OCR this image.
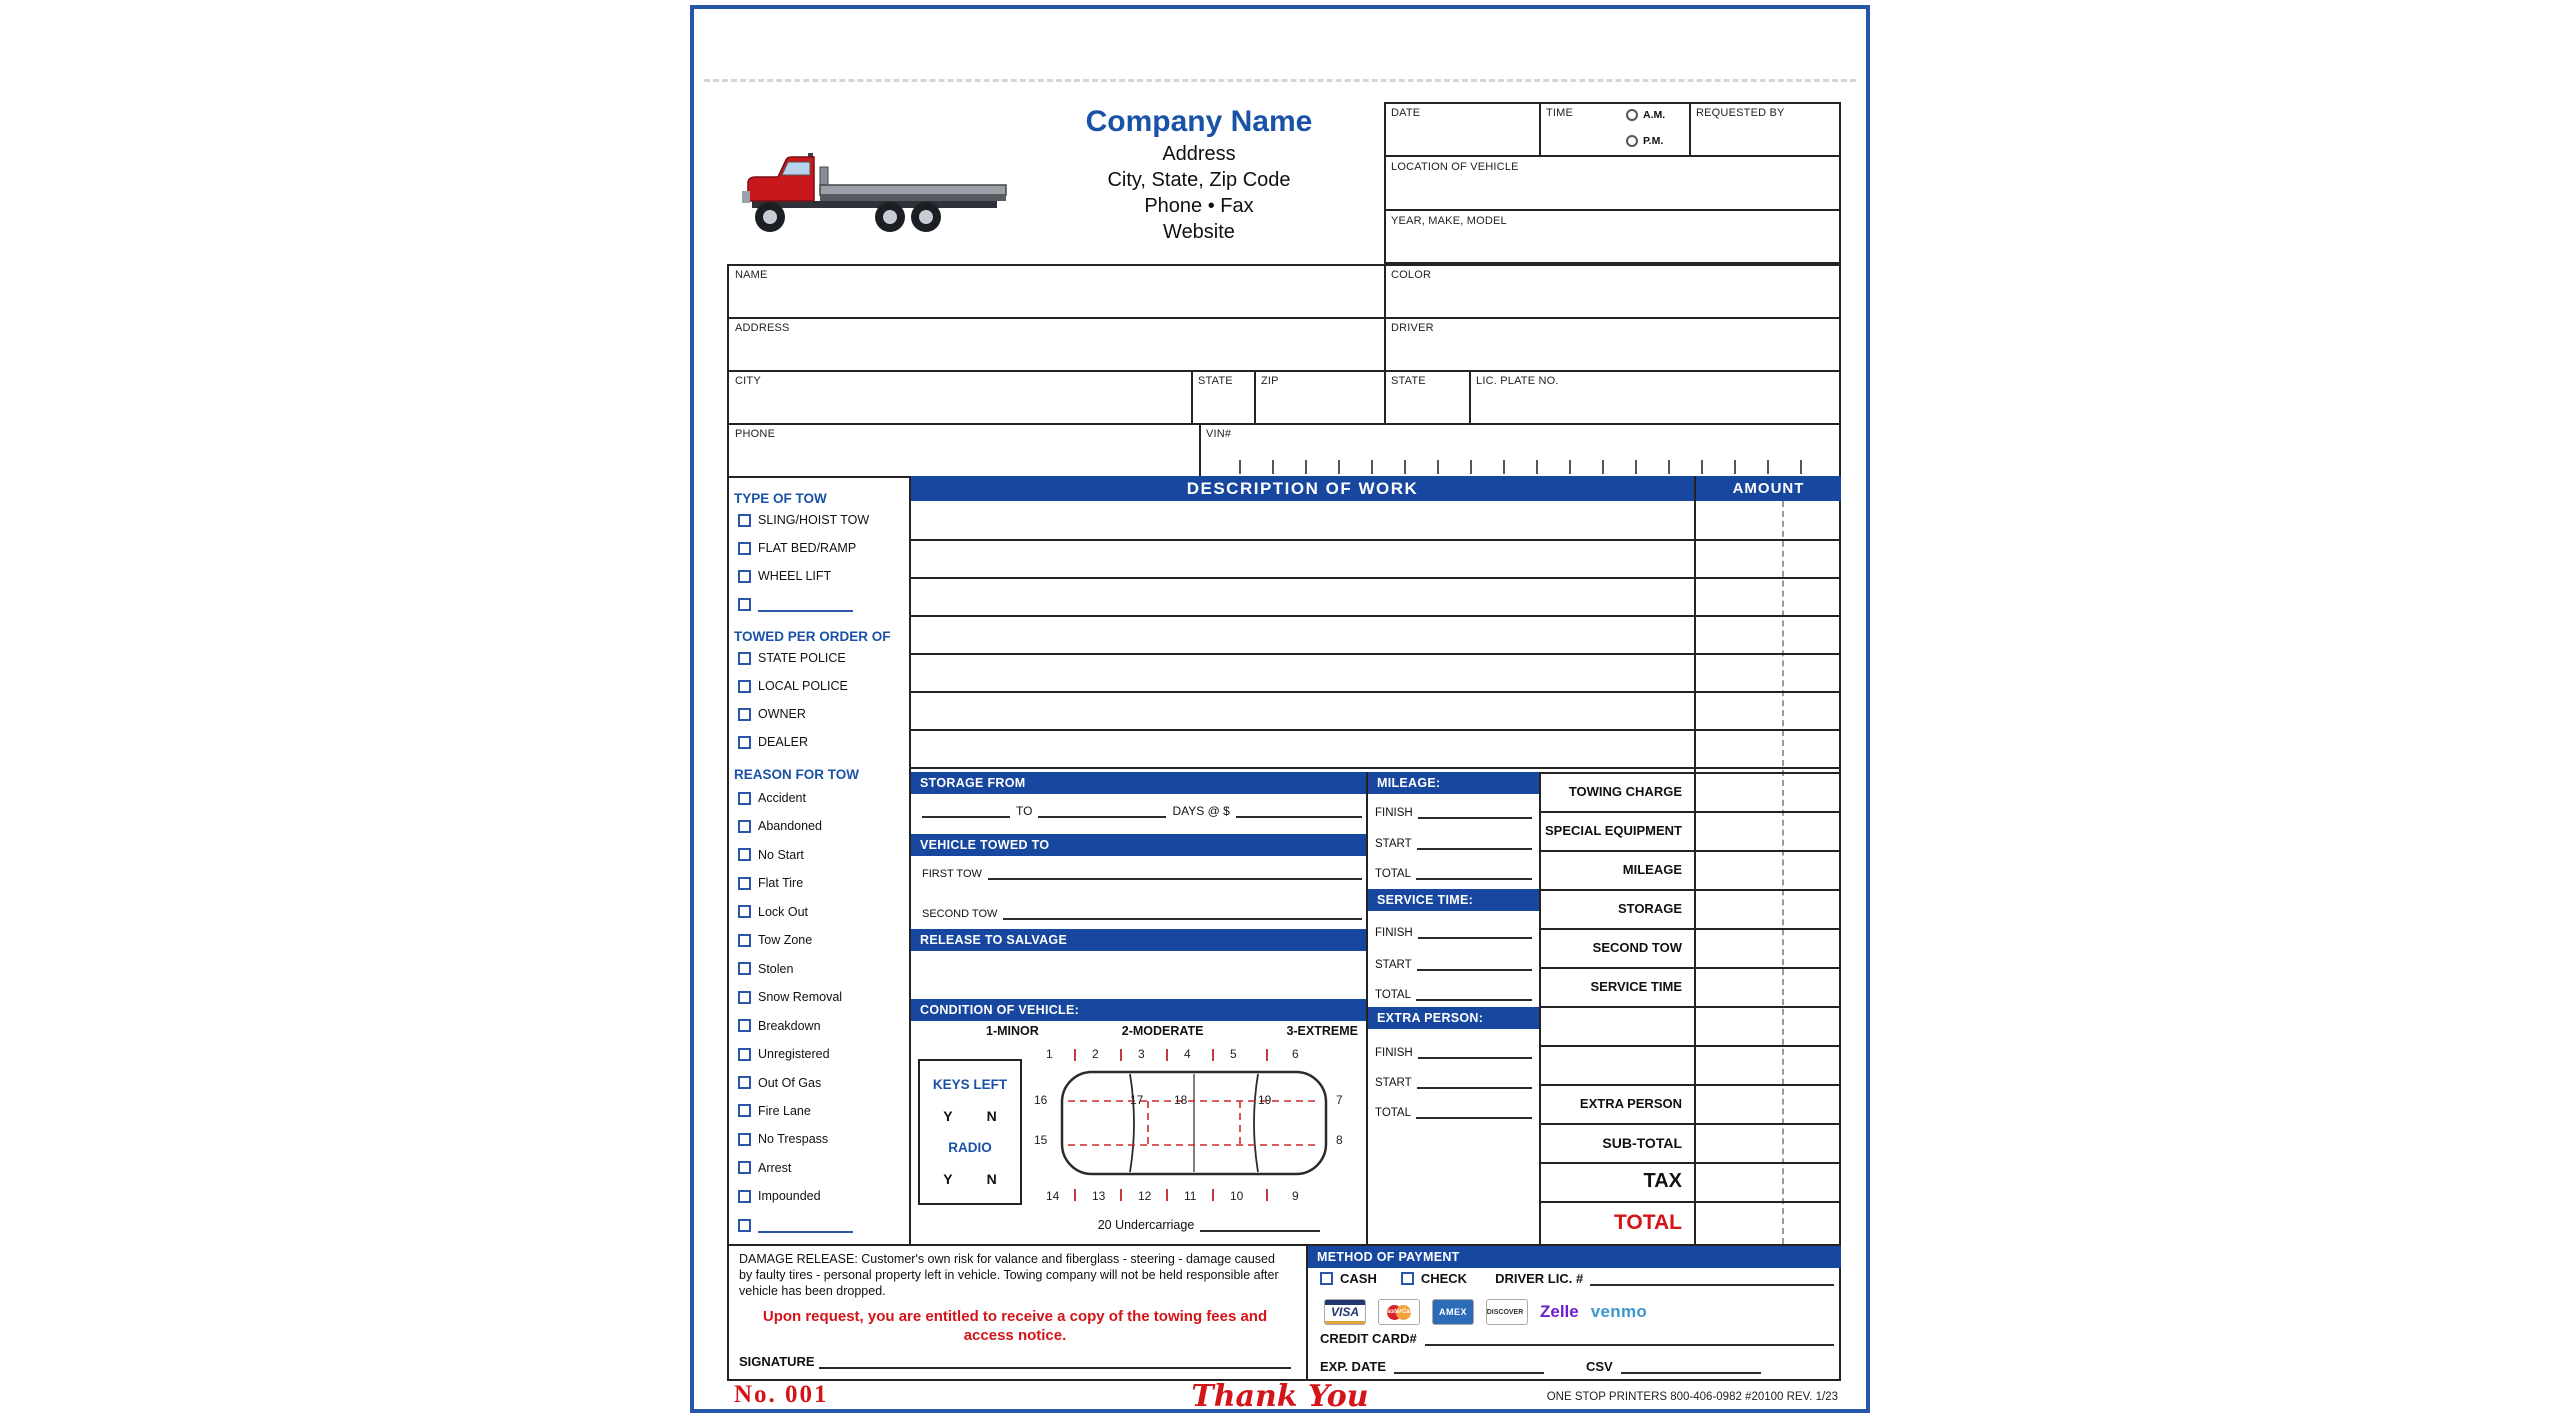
Company Name
Address
City, State, Zip Code
Phone • Fax
Website
DATE	TIME	A.M.
P.M.
REQUESTED BY
LOCATION OF VEHICLE
YEAR, MAKE, MODEL
NAME
ADDRESS
CITY	STATE	ZIP
PHONE	VIN#
COLOR
DRIVER
STATE	LIC. PLATE NO.
DESCRIPTION OF WORK	AMOUNT
TYPE OF TOW
SLING/HOIST TOW
FLAT BED/RAMP
WHEEL LIFT
TOWED PER ORDER OF
STATE POLICE
LOCAL POLICE
OWNER
DEALER
REASON FOR TOW
Accident
Abandoned
No Start
Flat Tire
Lock Out
Tow Zone
Stolen
Snow Removal
Breakdown
Unregistered
Out Of Gas
Fire Lane
No Trespass
Arrest
Impounded
STORAGE FROM
TO	DAYS @ $
VEHICLE TOWED TO
FIRST TOW
SECOND TOW
RELEASE TO SALVAGE
CONDITION OF VEHICLE:
1-MINOR	2-MODERATE	3-EXTREME
KEYS LEFT
Y N
RADIO
Y N
1	2	3	4	5	6
16	17	18	19	7
15	8
14	13	12	11	10	9
20 Undercarriage
MILEAGE:
FINISH
START
TOTAL
SERVICE TIME:
FINISH
START
TOTAL
EXTRA PERSON:
FINISH
START
TOTAL
TOWING CHARGE
SPECIAL EQUIPMENT
MILEAGE
STORAGE
SECOND TOW
SERVICE TIME
EXTRA PERSON
SUB-TOTAL
TAX
TOTAL
DAMAGE RELEASE: Customer's own risk for valance and fiberglass - steering - damage caused by faulty tires - personal property left in vehicle. Towing company will not be held responsible after vehicle has been dropped.
Upon request, you are entitled to receive a copy of the towing fees and access notice.
SIGNATURE
METHOD OF PAYMENT
CASH	CHECK DRIVER LIC. #
VISA	MasterCard	AMEX	DISCOVER Zelle venmo
CREDIT CARD#
EXP. DATE	CSV
No. 001	Thank You	ONE STOP PRINTERS 800-406-0982 #20100 REV. 1/23
